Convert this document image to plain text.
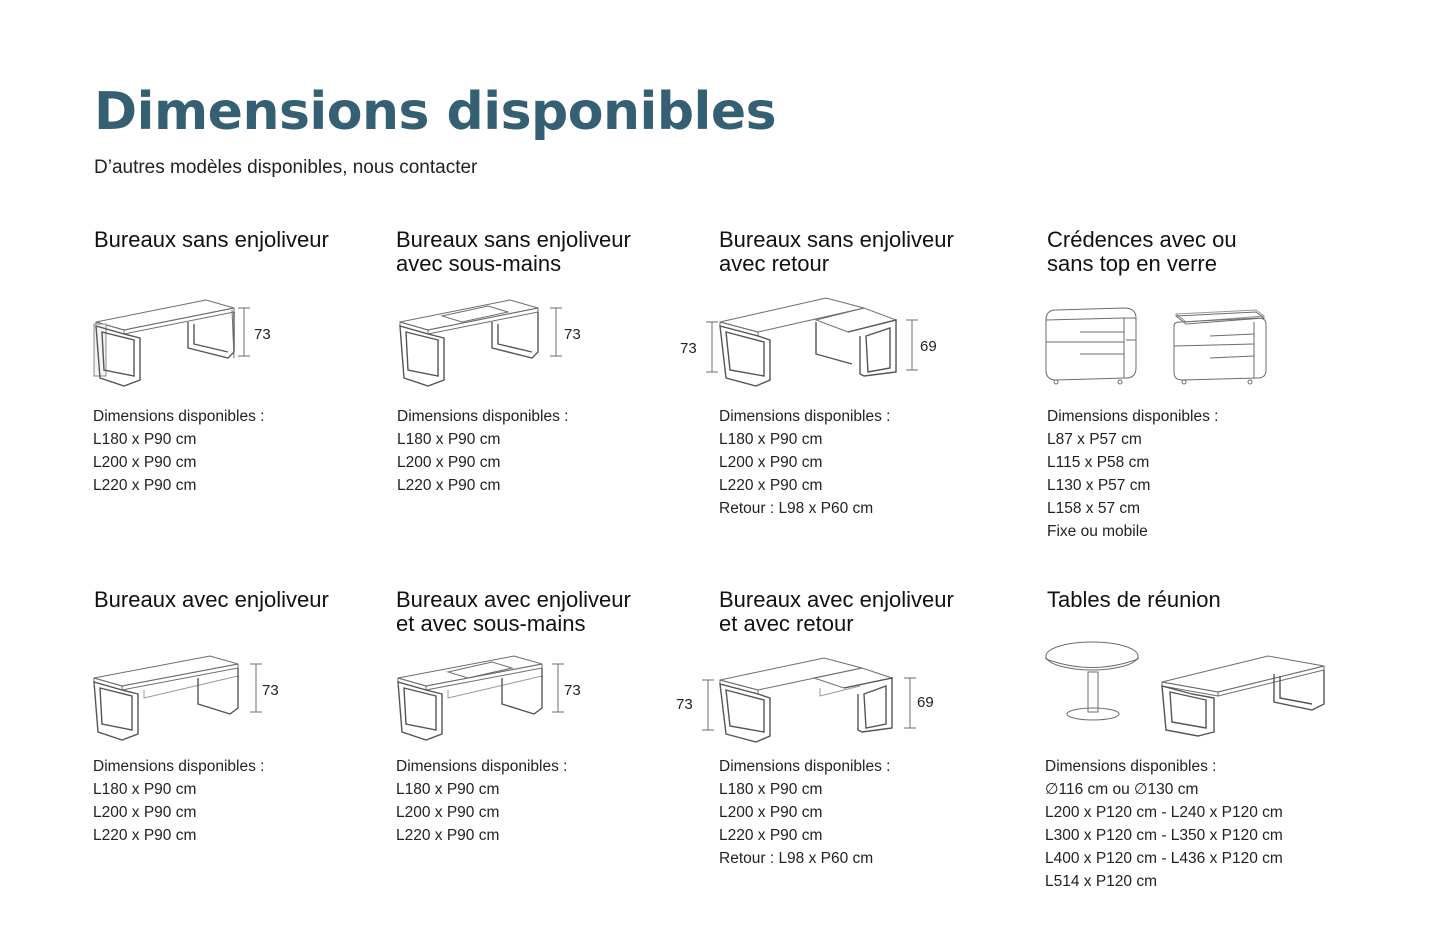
Dimensions disponibles

D’autres modèles disponibles, nous contacter

Bureaux sans enjoliveur
73
Dimensions disponibles :
L180 x P90 cm
L200 x P90 cm
L220 x P90 cm
Bureaux sans enjoliveur
avec sous-mains
73
Dimensions disponibles :
L180 x P90 cm
L200 x P90 cm
L220 x P90 cm
Bureaux sans enjoliveur
avec retour
73	69
Dimensions disponibles :
L180 x P90 cm
L200 x P90 cm
L220 x P90 cm
Retour : L98 x P60 cm
Crédences avec ou
sans top en verre
Dimensions disponibles :
L87 x P57 cm
L115 x P58 cm
L130 x P57 cm
L158 x 57 cm
Fixe ou mobile
Bureaux avec enjoliveur
73
Dimensions disponibles :
L180 x P90 cm
L200 x P90 cm
L220 x P90 cm
Bureaux avec enjoliveur
et avec sous-mains
73
Dimensions disponibles :
L180 x P90 cm
L200 x P90 cm
L220 x P90 cm
Bureaux avec enjoliveur
et avec retour
73	69
Dimensions disponibles :
L180 x P90 cm
L200 x P90 cm
L220 x P90 cm
Retour : L98 x P60 cm
Tables de réunion
Dimensions disponibles :
∅116 cm ou ∅130 cm
L200 x P120 cm - L240 x P120 cm
L300 x P120 cm - L350 x P120 cm
L400 x P120 cm - L436 x P120 cm
L514 x P120 cm
